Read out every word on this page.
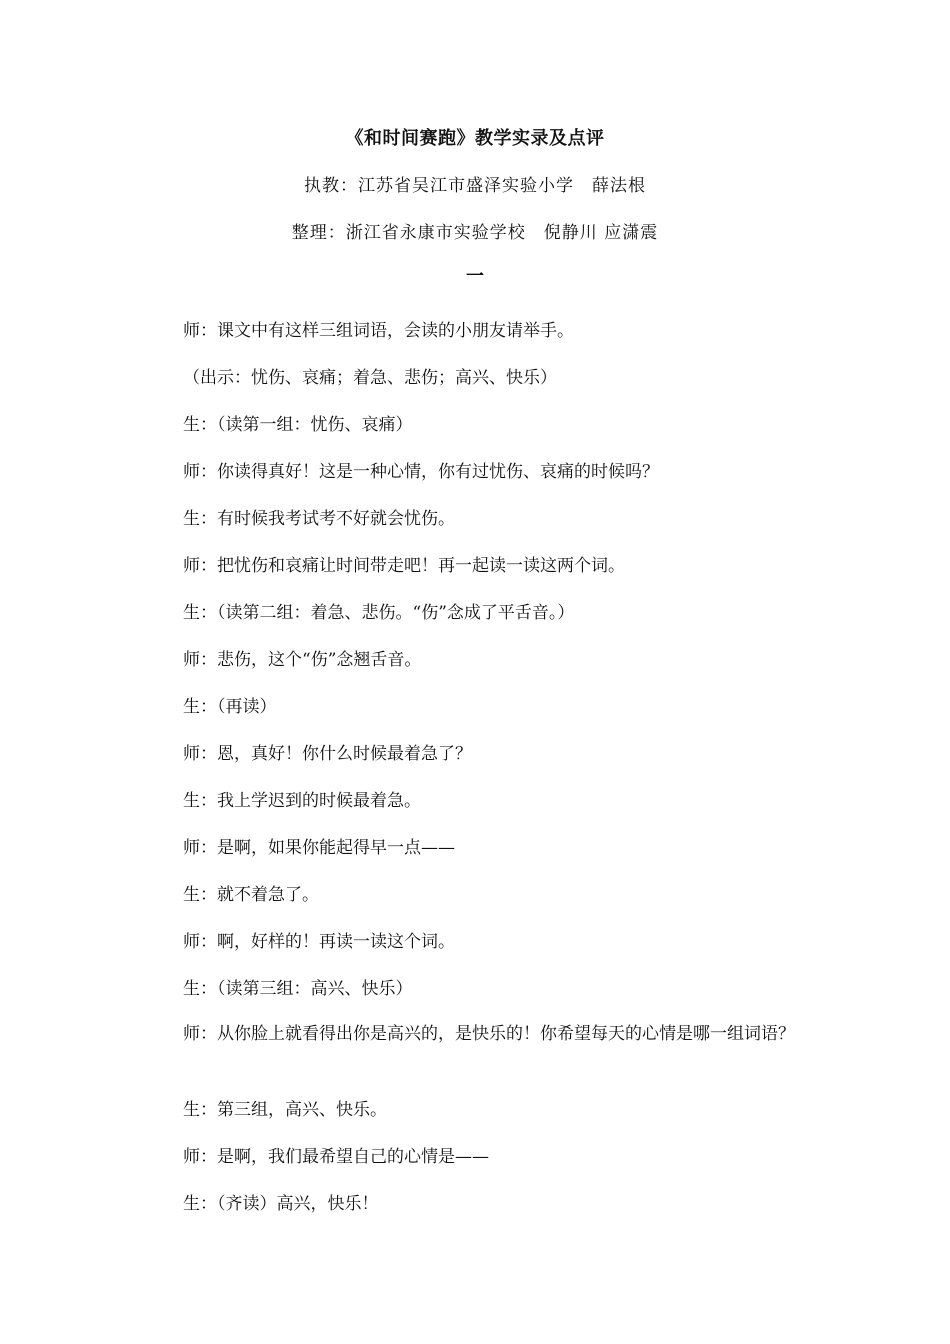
《和时间赛跑》教学实录及点评
执教：江苏省吴江市盛泽实验小学　薛法根
整理：浙江省永康市实验学校　倪静川 应潇震
一
师：课文中有这样三组词语，会读的小朋友请举手。
（出示：忧伤、哀痛；着急、悲伤；高兴、快乐）
生：（读第一组：忧伤、哀痛）
师：你读得真好！这是一种心情，你有过忧伤、哀痛的时候吗？
生：有时候我考试考不好就会忧伤。
师：把忧伤和哀痛让时间带走吧！再一起读一读这两个词。
生：（读第二组：着急、悲伤。“伤”念成了平舌音。）
师：悲伤，这个“伤”念翘舌音。
生：（再读）
师：恩，真好！你什么时候最着急了？
生：我上学迟到的时候最着急。
师：是啊，如果你能起得早一点——
生：就不着急了。
师：啊，好样的！再读一读这个词。
生：（读第三组：高兴、快乐）
师：从你脸上就看得出你是高兴的，是快乐的！你希望每天的心情是哪一组词语？
生：第三组，高兴、快乐。
师：是啊，我们最希望自己的心情是——
生：（齐读）高兴，快乐！
